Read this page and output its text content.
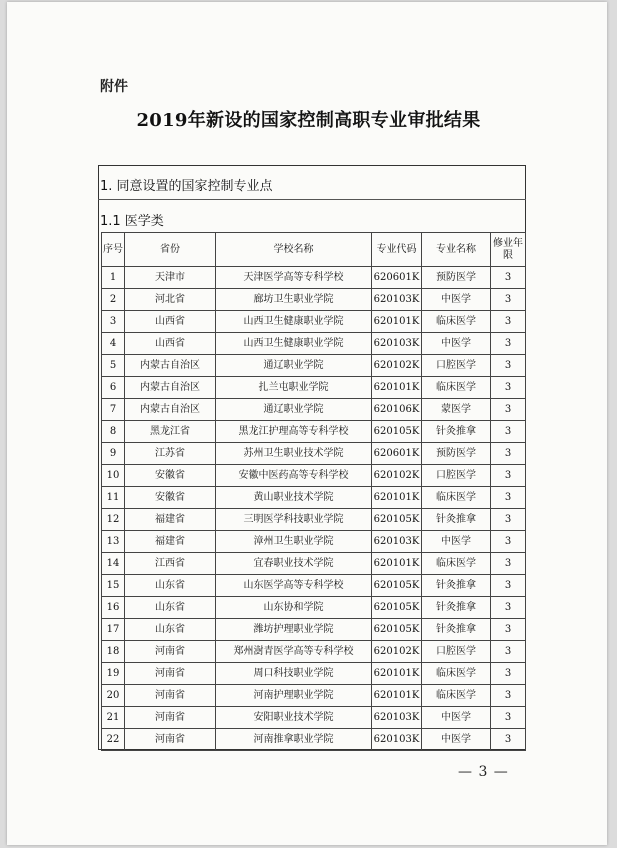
附件
2019年新设的国家控制高职专业审批结果
1. 同意设置的国家控制专业点
1.1 医学类
序号	省份	学校名称	专业代码	专业名称	修业年限
1	天津市	天津医学高等专科学校	620601K	预防医学	3
2	河北省	廊坊卫生职业学院	620103K	中医学	3
3	山西省	山西卫生健康职业学院	620101K	临床医学	3
4	山西省	山西卫生健康职业学院	620103K	中医学	3
5	内蒙古自治区	通辽职业学院	620102K	口腔医学	3
6	内蒙古自治区	扎兰屯职业学院	620101K	临床医学	3
7	内蒙古自治区	通辽职业学院	620106K	蒙医学	3
8	黑龙江省	黑龙江护理高等专科学校	620105K	针灸推拿	3
9	江苏省	苏州卫生职业技术学院	620601K	预防医学	3
10	安徽省	安徽中医药高等专科学校	620102K	口腔医学	3
11	安徽省	黄山职业技术学院	620101K	临床医学	3
12	福建省	三明医学科技职业学院	620105K	针灸推拿	3
13	福建省	漳州卫生职业学院	620103K	中医学	3
14	江西省	宜春职业技术学院	620101K	临床医学	3
15	山东省	山东医学高等专科学校	620105K	针灸推拿	3
16	山东省	山东协和学院	620105K	针灸推拿	3
17	山东省	潍坊护理职业学院	620105K	针灸推拿	3
18	河南省	郑州澍青医学高等专科学校	620102K	口腔医学	3
19	河南省	周口科技职业学院	620101K	临床医学	3
20	河南省	河南护理职业学院	620101K	临床医学	3
21	河南省	安阳职业技术学院	620103K	中医学	3
22	河南省	河南推拿职业学院	620103K	中医学	3
— 3 —
